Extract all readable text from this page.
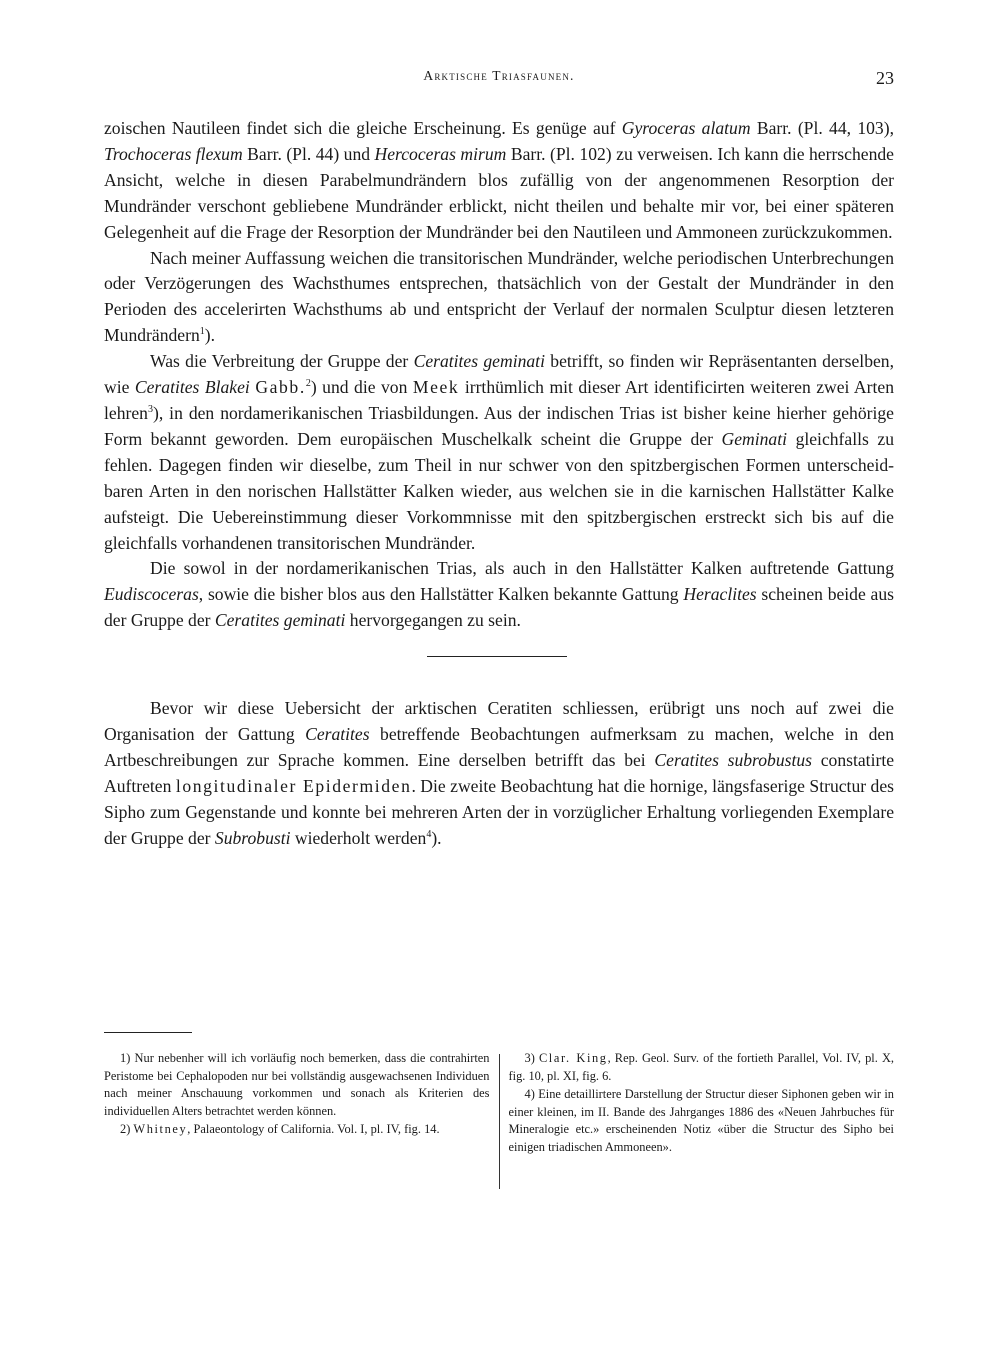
Arktische Triasfaunen.	23

zoischen Nautileen findet sich die gleiche Erscheinung. Es genüge auf Gyroceras alatum Barr. (Pl. 44, 103), Trochoceras flexum Barr. (Pl. 44) und Hercoceras mirum Barr. (Pl. 102) zu verweisen. Ich kann die herrschende Ansicht, welche in diesen Parabelmundrändern blos zufällig von der angenommenen Resorption der Mundränder verschont gebliebene Mundränder erblickt, nicht theilen und behalte mir vor, bei einer späteren Gelegenheit auf die Frage der Resorption der Mundränder bei den Nautileen und Ammoneen zurückzukommen.

Nach meiner Auffassung weichen die transitorischen Mundränder, welche periodischen Unterbrechungen oder Verzögerungen des Wachsthumes entsprechen, thatsächlich von der Gestalt der Mundränder in den Perioden des accelerirten Wachsthums ab und entspricht der Verlauf der normalen Sculptur diesen letzteren Mundrändern$^1$).

Was die Verbreitung der Gruppe der Ceratites geminati betrifft, so finden wir Repräsentanten derselben, wie Ceratites Blakei Gabb.$^2$) und die von Meek irrthümlich mit dieser Art identificirten weiteren zwei Arten lehren$^3$), in den nordamerikanischen Triasbildungen. Aus der indischen Trias ist bisher keine hierher gehörige Form bekannt geworden. Dem europäischen Muschelkalk scheint die Gruppe der Geminati gleichfalls zu fehlen. Dagegen finden wir dieselbe, zum Theil in nur schwer von den spitzbergischen Formen unterscheidbaren Arten in den norischen Hallstätter Kalken wieder, aus welchen sie in die karnischen Hallstätter Kalke aufsteigt. Die Uebereinstimmung dieser Vorkommnisse mit den spitzbergischen erstreckt sich bis auf die gleichfalls vorhandenen transitorischen Mundränder.

Die sowol in der nordamerikanischen Trias, als auch in den Hallstätter Kalken auftretende Gattung Eudiscoceras, sowie die bisher blos aus den Hallstätter Kalken bekannte Gattung Heraclites scheinen beide aus der Gruppe der Ceratites geminati hervorgegangen zu sein.

Bevor wir diese Uebersicht der arktischen Ceratiten schliessen, erübrigt uns noch auf zwei die Organisation der Gattung Ceratites betreffende Beobachtungen aufmerksam zu machen, welche in den Artbeschreibungen zur Sprache kommen. Eine derselben betrifft das bei Ceratites subrobustus constatirte Auftreten longitudinaler Epidermiden. Die zweite Beobachtung hat die hornige, längsfaserige Structur des Sipho zum Gegenstande und konnte bei mehreren Arten der in vorzüglicher Erhaltung vorliegenden Exemplare der Gruppe der Subrobusti wiederholt werden$^4$).

1) Nur nebenher will ich vorläufig noch bemerken, dass die contrahirten Peristome bei Cephalopoden nur bei vollständig ausgewachsenen Individuen nach meiner Anschauung vorkommen und sonach als Kriterien des individuellen Alters betrachtet werden können.

2) Whitney, Palaeontology of California. Vol. I, pl. IV, fig. 14.

3) Clar. King, Rep. Geol. Surv. of the fortieth Parallel, Vol. IV, pl. X, fig. 10, pl. XI, fig. 6.

4) Eine detaillirtere Darstellung der Structur dieser Siphonen geben wir in einer kleinen, im II. Bande des Jahrganges 1886 des «Neuen Jahrbuches für Mineralogie etc.» erscheinenden Notiz «über die Structur des Sipho bei einigen triadischen Ammoneen».
